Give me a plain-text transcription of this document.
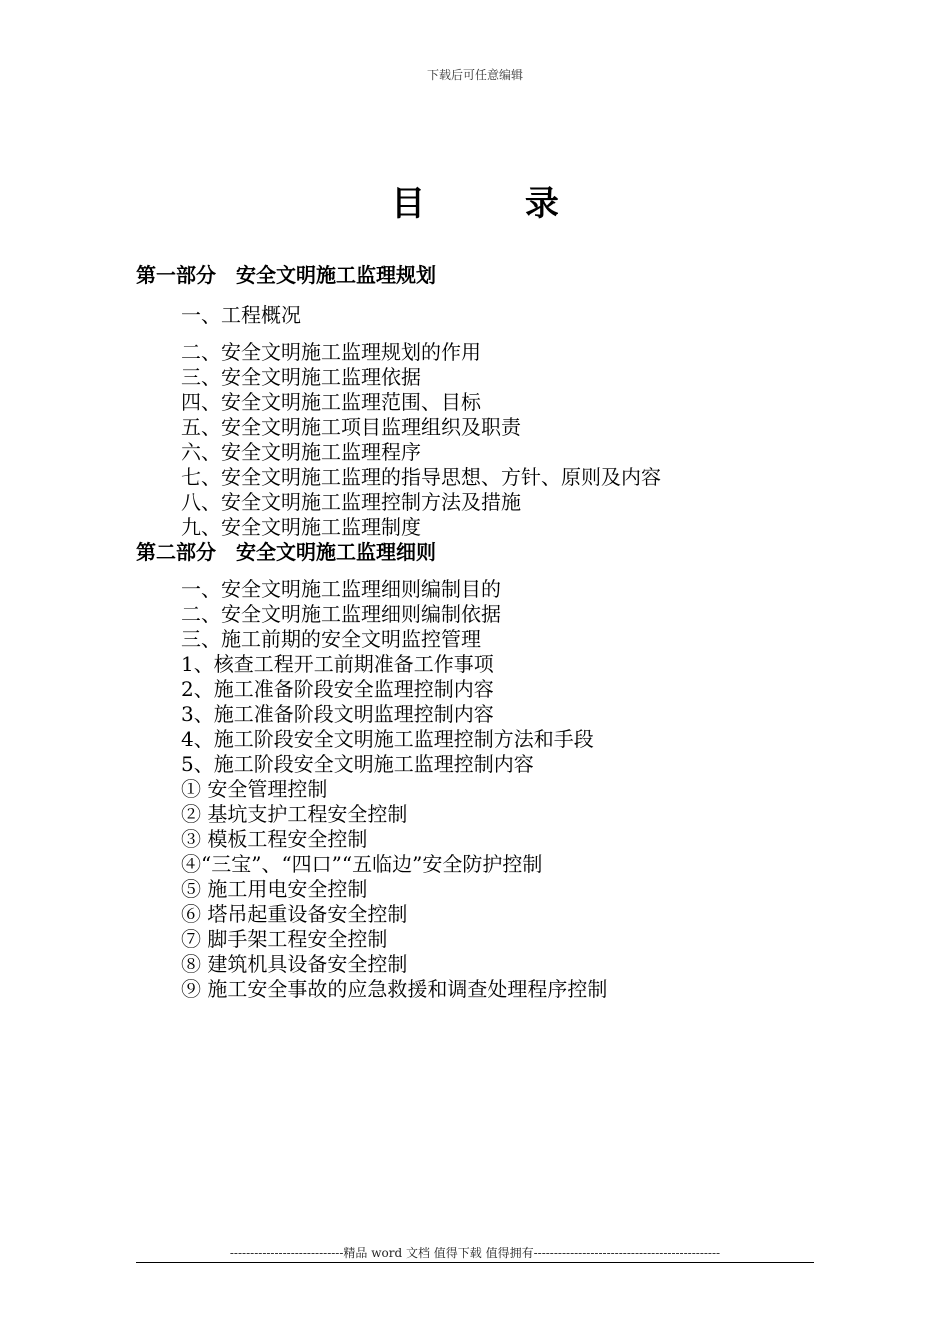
下载后可任意编辑
目 录
第一部分　安全文明施工监理规划
一、工程概况
二、安全文明施工监理规划的作用
三、安全文明施工监理依据
四、安全文明施工监理范围、目标
五、安全文明施工项目监理组织及职责
六、安全文明施工监理程序
七、安全文明施工监理的指导思想、方针、原则及内容
八、安全文明施工监理控制方法及措施
九、安全文明施工监理制度
第二部分　安全文明施工监理细则
一、安全文明施工监理细则编制目的
二、安全文明施工监理细则编制依据
三、施工前期的安全文明监控管理
1、核查工程开工前期准备工作事项
2、施工准备阶段安全监理控制内容
3、施工准备阶段文明监理控制内容
4、施工阶段安全文明施工监理控制方法和手段
5、施工阶段安全文明施工监理控制内容
① 安全管理控制
② 基坑支护工程安全控制
③ 模板工程安全控制
④“三宝”、“四口”“五临边”安全防护控制
⑤ 施工用电安全控制
⑥ 塔吊起重设备安全控制
⑦ 脚手架工程安全控制
⑧ 建筑机具设备安全控制
⑨ 施工安全事故的应急救援和调查处理程序控制
----------------------------精品 word 文档 值得下载 值得拥有----------------------------------------------
